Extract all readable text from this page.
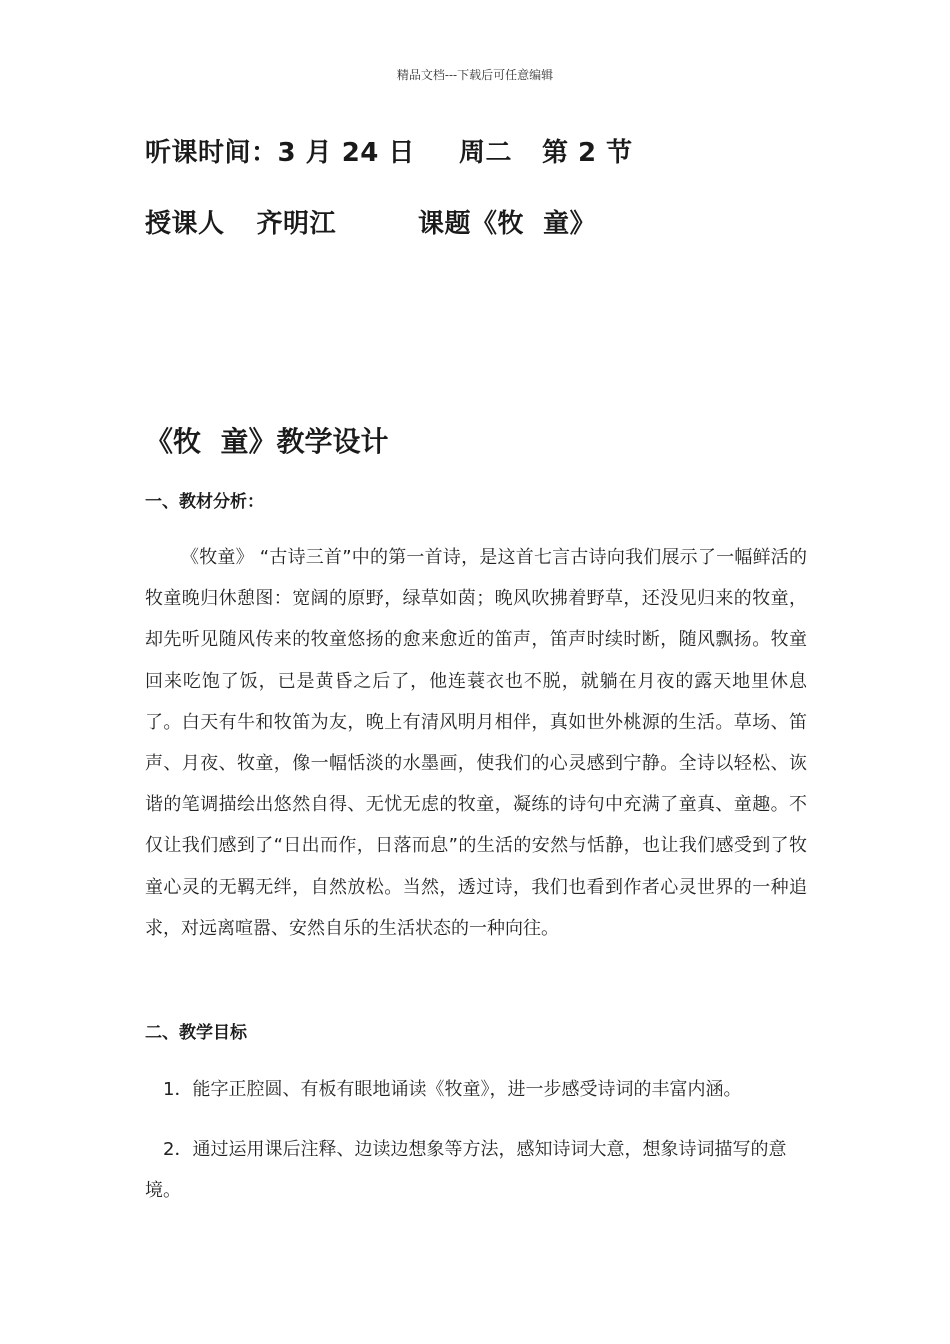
精品文档---下载后可任意编辑
听课时间：3 月 24 日 周二 第 2 节
授课人 齐明江	课题《牧  童》
《牧  童》教学设计
一、教材分析：
《牧童》 “古诗三首”中的第一首诗，是这首七言古诗向我们展示了一幅鲜活的牧童晚归休憩图：宽阔的原野，绿草如茵；晚风吹拂着野草，还没见归来的牧童，却先听见随风传来的牧童悠扬的愈来愈近的笛声，笛声时续时断，随风飘扬。牧童回来吃饱了饭，已是黄昏之后了，他连蓑衣也不脱，就躺在月夜的露天地里休息了。白天有牛和牧笛为友，晚上有清风明月相伴，真如世外桃源的生活。草场、笛声、月夜、牧童，像一幅恬淡的水墨画，使我们的心灵感到宁静。全诗以轻松、诙谐的笔调描绘出悠然自得、无忧无虑的牧童，凝练的诗句中充满了童真、童趣。不仅让我们感到了“日出而作，日落而息”的生活的安然与恬静，也让我们感受到了牧童心灵的无羁无绊，自然放松。当然，透过诗，我们也看到作者心灵世界的一种追求，对远离喧嚣、安然自乐的生活状态的一种向往。
二、教学目标
1．能字正腔圆、有板有眼地诵读《牧童》，进一步感受诗词的丰富内涵。
2．通过运用课后注释、边读边想象等方法，感知诗词大意，想象诗词描写的意境。
